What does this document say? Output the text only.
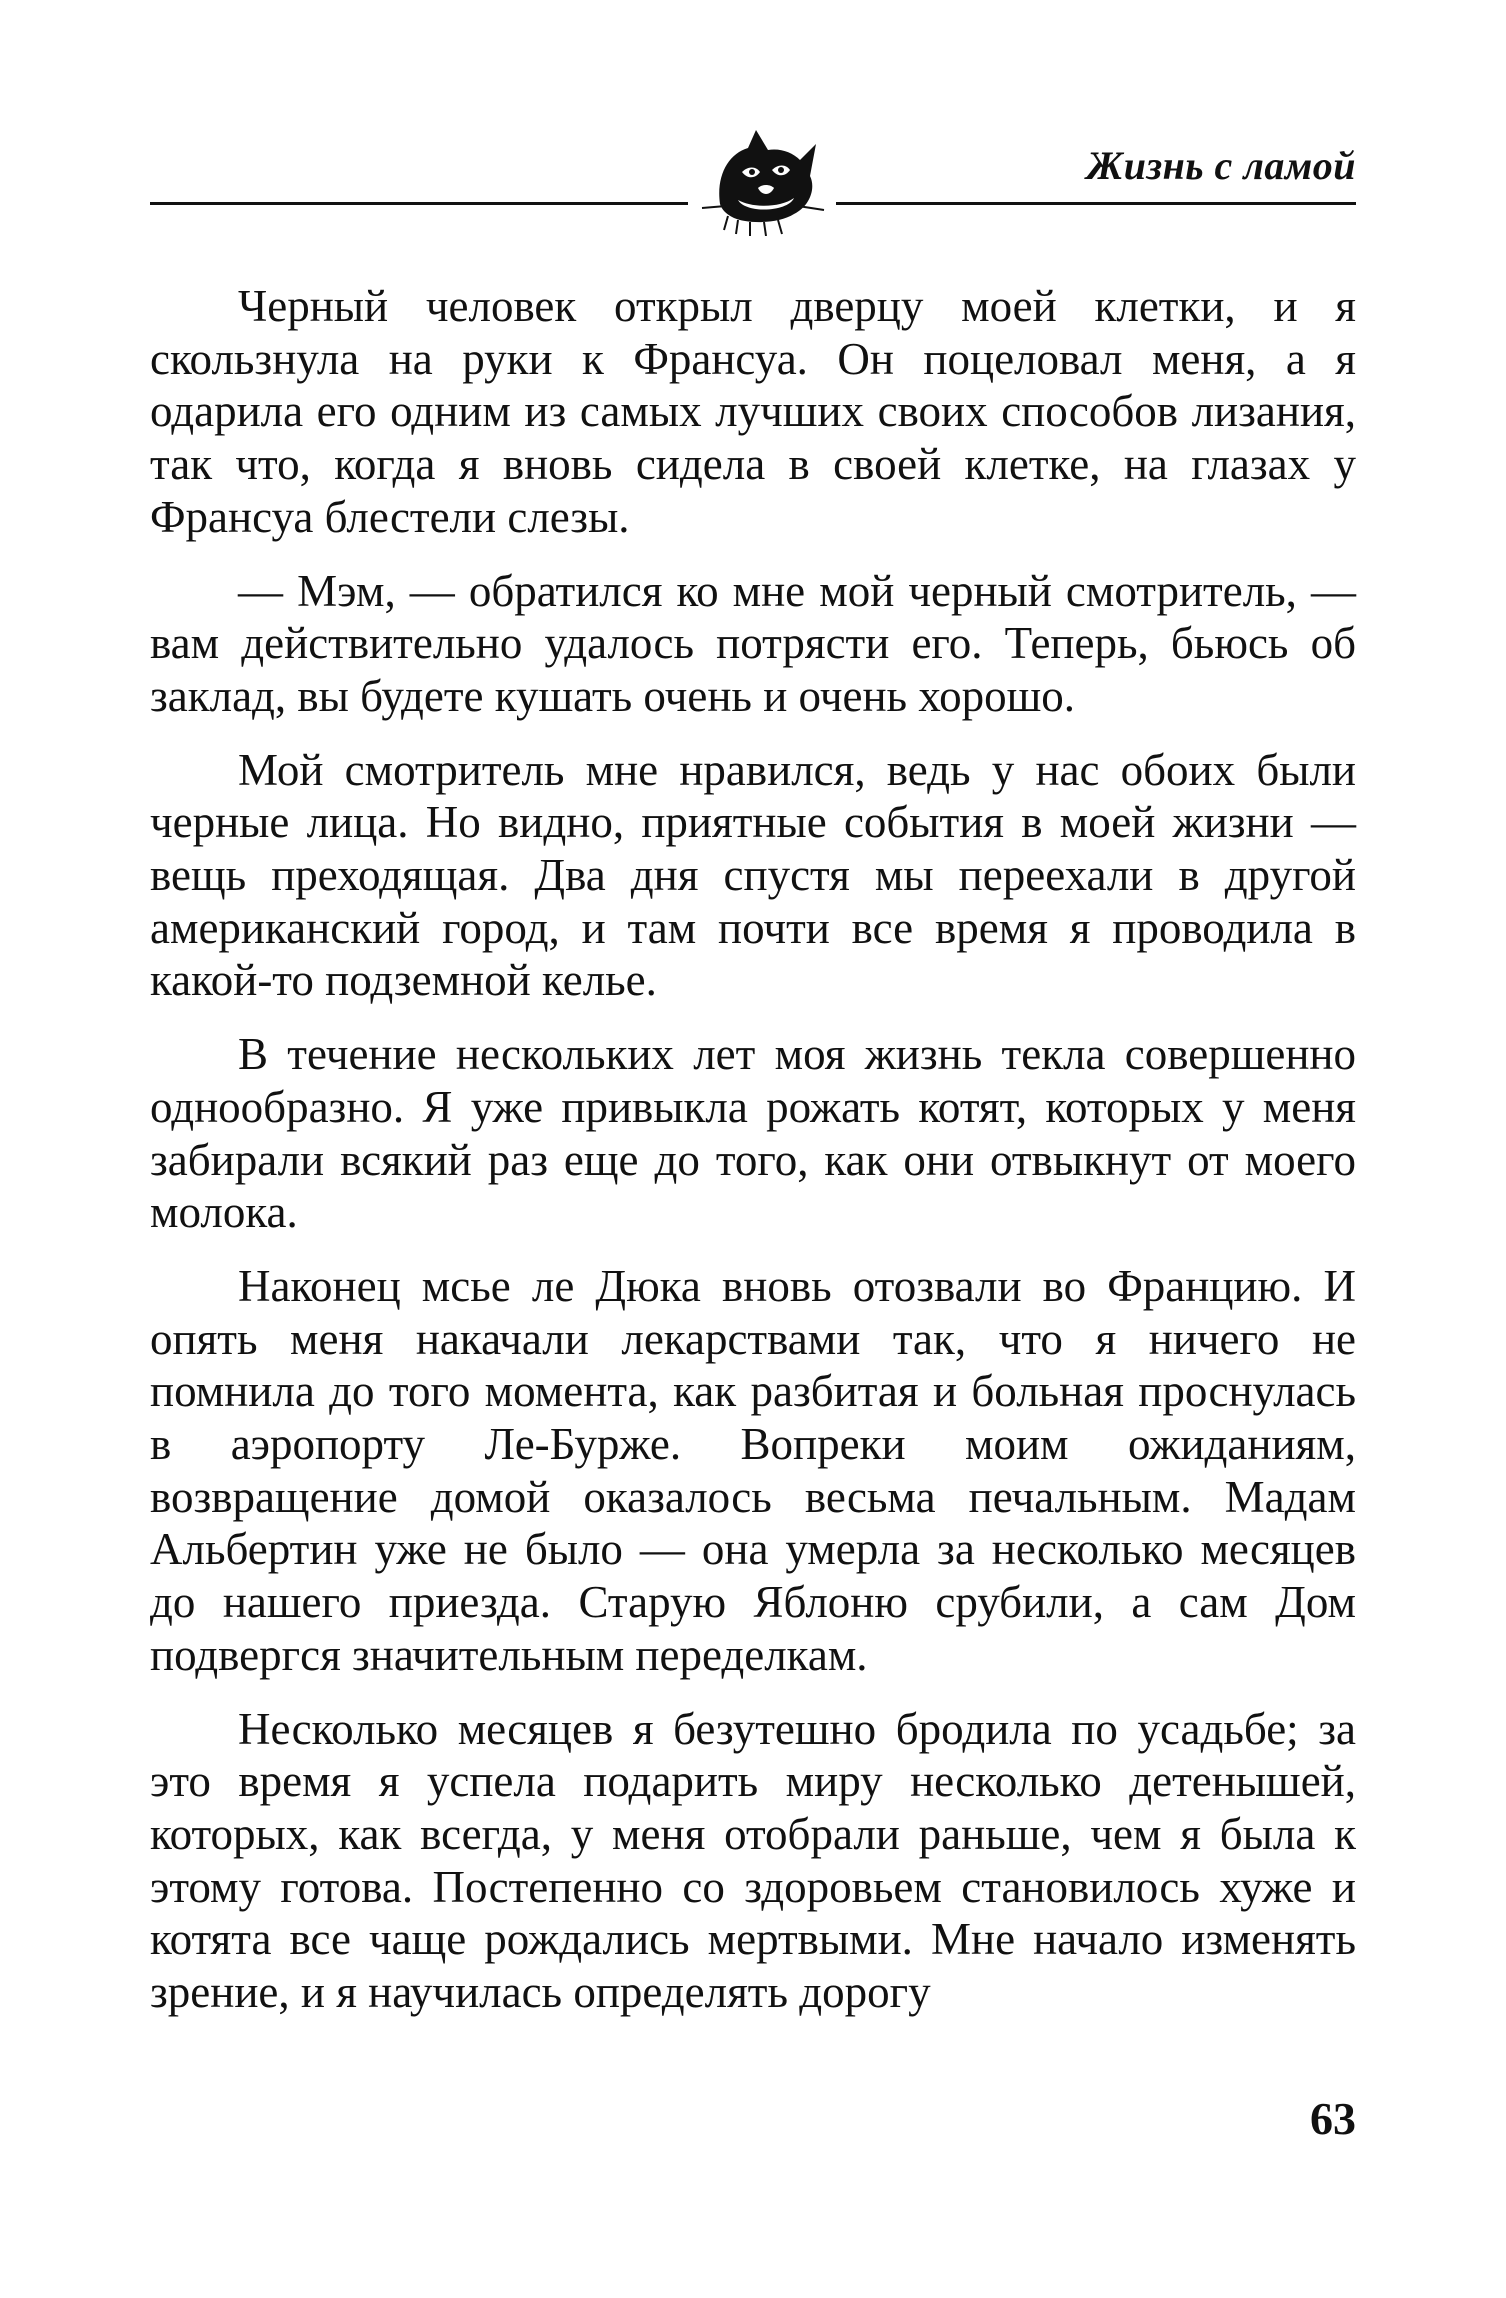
Жизнь с ламой

Черный человек открыл дверцу моей клетки, и я скользнула на руки к Франсуа. Он поцеловал меня, а я одарила его одним из самых лучших своих способов лизания, так что, когда я вновь сидела в своей клетке, на глазах у Франсуа блестели слезы.

— Мэм, — обратился ко мне мой черный смотритель, — вам действительно удалось потрясти его. Теперь, бьюсь об заклад, вы будете кушать очень и очень хорошо.

Мой смотритель мне нравился, ведь у нас обоих были черные лица. Но видно, приятные события в моей жизни — вещь преходящая. Два дня спустя мы переехали в другой американский город, и там почти все время я проводила в какой-то подземной келье.

В течение нескольких лет моя жизнь текла совершенно однообразно. Я уже привыкла рожать котят, которых у меня забирали всякий раз еще до того, как они отвыкнут от моего молока.

Наконец мсье ле Дюка вновь отозвали во Францию. И опять меня накачали лекарствами так, что я ничего не помнила до того момента, как разбитая и больная проснулась в аэропорту Ле-Бурже. Вопреки моим ожиданиям, возвращение домой оказалось весьма печальным. Мадам Альбертин уже не было — она умерла за несколько месяцев до нашего приезда. Старую Яблоню срубили, а сам Дом подвергся значительным переделкам.

Несколько месяцев я безутешно бродила по усадьбе; за это время я успела подарить миру несколько детенышей, которых, как всегда, у меня отобрали раньше, чем я была к этому готова. Постепенно со здоровьем становилось хуже и котята все чаще рождались мертвыми. Мне начало изменять зрение, и я научилась определять дорогу

63
